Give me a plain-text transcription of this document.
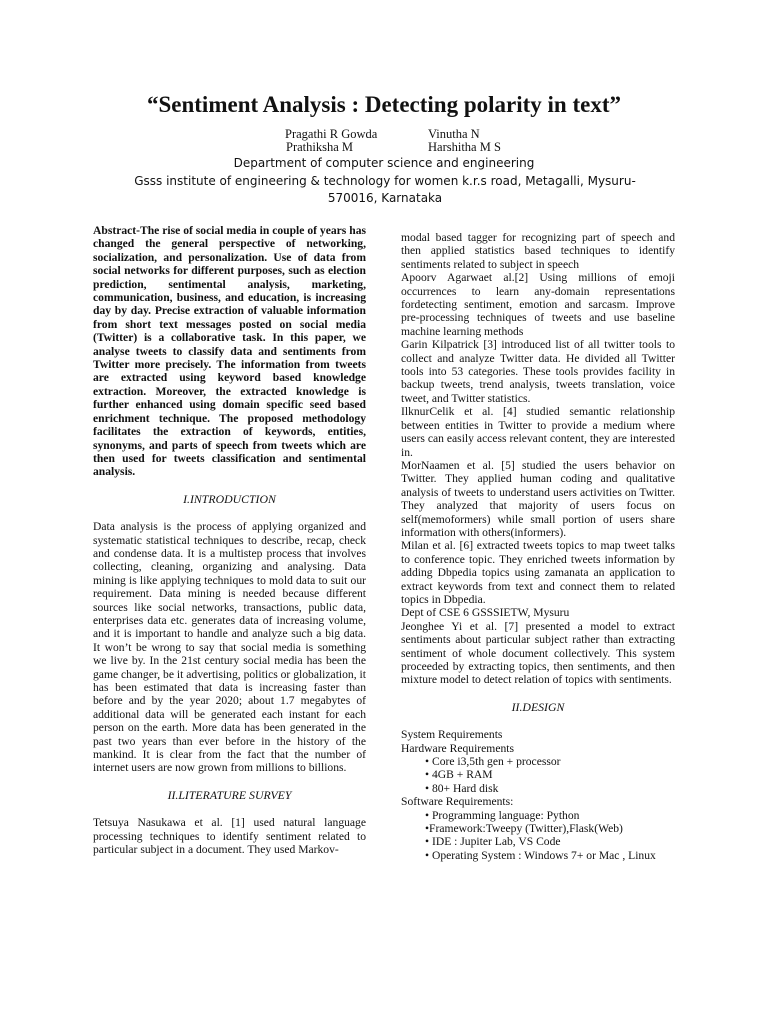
“Sentiment Analysis : Detecting polarity in text”
Pragathi R Gowda	Vinutha N
Prathiksha M	Harshitha M S
Department of computer science and engineering
Gsss institute of engineering & technology for women k.r.s road, Metagalli, Mysuru-570016, Karnataka

Abstract-The rise of social media in couple of years has changed the general perspective of networking, socialization, and personalization. Use of data from social networks for different purposes, such as election prediction, sentimental analysis, marketing, communication, business, and education, is increasing day by day. Precise extraction of valuable information from short text messages posted on social media (Twitter) is a collaborative task. In this paper, we analyse tweets to classify data and sentiments from Twitter more precisely. The information from tweets are extracted using keyword based knowledge extraction. Moreover, the extracted knowledge is further enhanced using domain specific seed based enrichment technique. The proposed methodology facilitates the extraction of keywords, entities, synonyms, and parts of speech from tweets which are then used for tweets classification and sentimental analysis.

I.INTRODUCTION

Data analysis is the process of applying organized and systematic statistical techniques to describe, recap, check and condense data. It is a multistep process that involves collecting, cleaning, organizing and analysing. Data mining is like applying techniques to mold data to suit our requirement. Data mining is needed because different sources like social networks, transactions, public data, enterprises data etc. generates data of increasing volume, and it is important to handle and analyze such a big data. It won’t be wrong to say that social media is something we live by. In the 21st century social media has been the game changer, be it advertising, politics or globalization, it has been estimated that data is increasing faster than before and by the year 2020; about 1.7 megabytes of additional data will be generated each instant for each person on the earth. More data has been generated in the past two years than ever before in the history of the mankind. It is clear from the fact that the number of internet users are now grown from millions to billions.

II.LITERATURE SURVEY

Tetsuya Nasukawa et al. [1] used natural language processing techniques to identify sentiment related to particular subject in a document. They used Markov-

modal based tagger for recognizing part of speech and then applied statistics based techniques to identify sentiments related to subject in speech

Apoorv Agarwaet al.[2] Using millions of emoji occurrences to learn any-domain representations fordetecting sentiment, emotion and sarcasm. Improve pre-processing techniques of tweets and use baseline machine learning methods

Garin Kilpatrick [3] introduced list of all twitter tools to collect and analyze Twitter data. He divided all Twitter tools into 53 categories. These tools provides facility in backup tweets, trend analysis, tweets translation, voice tweet, and Twitter statistics.

IlknurCelik et al. [4] studied semantic relationship between entities in Twitter to provide a medium where users can easily access relevant content, they are interested in.

MorNaamen et al. [5] studied the users behavior on Twitter. They applied human coding and qualitative analysis of tweets to understand users activities on Twitter. They analyzed that majority of users focus on self(memoformers) while small portion of users share information with others(informers).

Milan et al. [6] extracted tweets topics to map tweet talks to conference topic. They enriched tweets information by adding Dbpedia topics using zamanata an application to extract keywords from text and connect them to related topics in Dbpedia.

Dept of CSE 6 GSSSIETW, Mysuru

Jeonghee Yi et al. [7] presented a model to extract sentiments about particular subject rather than extracting sentiment of whole document collectively. This system proceeded by extracting topics, then sentiments, and then mixture model to detect relation of topics with sentiments.

II.DESIGN
System Requirements
Hardware Requirements
• Core i3,5th gen + processor
• 4GB + RAM
• 80+ Hard disk
Software Requirements:
• Programming language: Python
•Framework:Tweepy (Twitter),Flask(Web)
• IDE : Jupiter Lab, VS Code
• Operating System : Windows 7+ or Mac , Linux
